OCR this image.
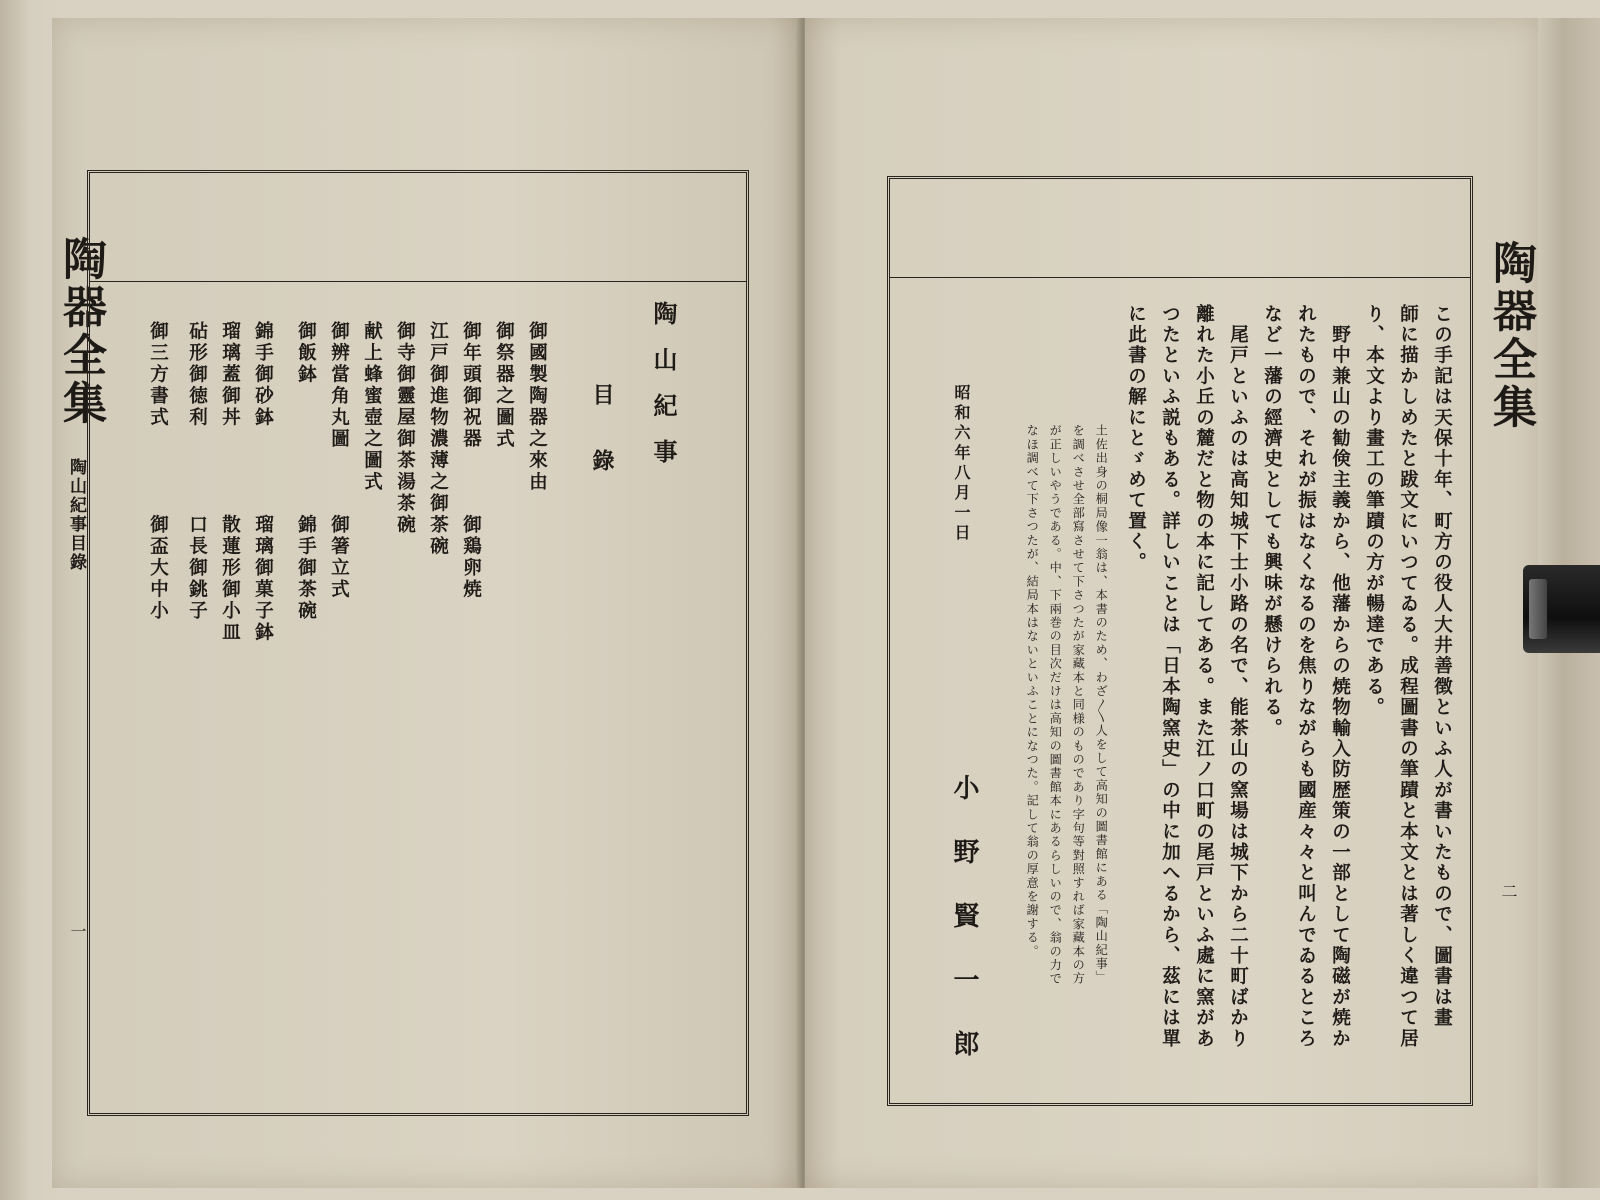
陶器全集
陶山紀事目錄
陶山紀事
目錄
御國製陶器之來由
御祭器之圖式
御年頭御祝器　　　御鶏卵焼
江戸御進物濃薄之御茶碗
御寺御靈屋御茶湯茶碗
献上蜂蜜壺之圖式
御辨當角丸圖　　　御箸立式
御飯鉢　　　　　　錦手御茶碗
錦手御砂鉢　　　　瑠璃御菓子鉢
瑠璃蓋御丼　　　　散蓮形御小皿
砧形御徳利　　　　口長御銚子
御三方書式　　　　御盃大中小
一	この手記は天保十年、町方の役人大井善徴といふ人が書いたもので、圖書は畫
師に描かしめたと跋文にいつてゐる。成程圖書の筆蹟と本文とは著しく違つて居
り、本文より畫工の筆蹟の方が暢達である。
　野中兼山の勧倹主義から、他藩からの焼物輸入防歴策の一部として陶磁が焼か
れたもので、それが振はなくなるのを焦りながらも國産々々と叫んでゐるところ
など一藩の經濟史としても興味が懸けられる。
　尾戸といふのは高知城下士小路の名で、能茶山の窯場は城下から二十町ばかり
離れた小丘の麓だと物の本に記してある。また江ノ口町の尾戸といふ處に窯があ
つたといふ説もある。詳しいことは「日本陶窯史」の中に加へるから、茲には單
に此書の解にとゞめて置く。
土佐出身の桐局像一翁は、本書のため、わざ〳〵人をして高知の圖書館にある「陶山紀事」
を調べさせ全部寫させて下さつたが家藏本と同様のものであり字句等對照すれば家藏本の方
が正しいやうである。中、下兩巻の目次だけは高知の圖書館本にあるらしいので、翁の力で
なほ調べて下さつたが、結局本はないといふことになつた。記して翁の厚意を謝する。
昭和六年八月一日
小野賢一郎
陶器全集
二
